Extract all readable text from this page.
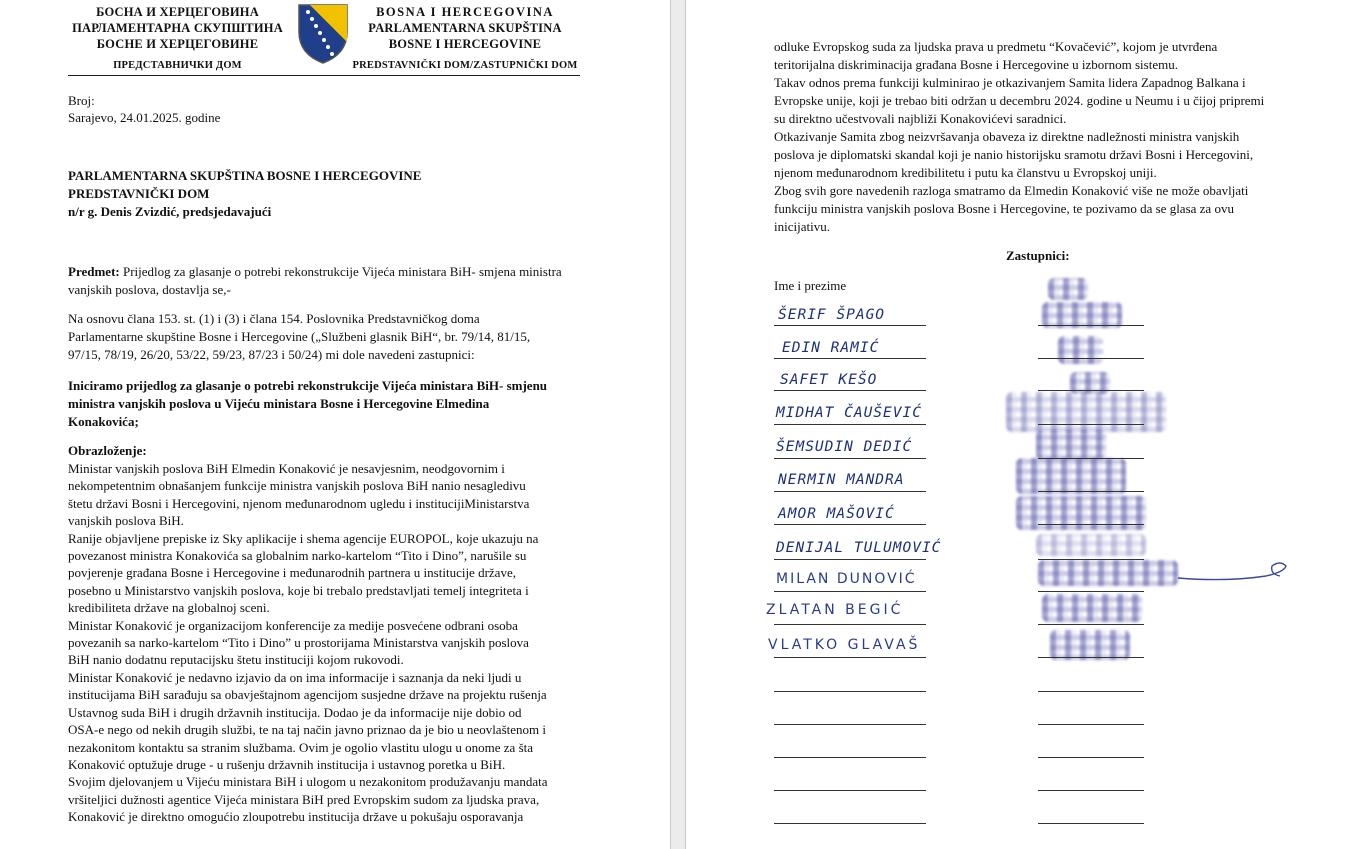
БОСНА И ХЕРЦЕГОВИНА
ПАРЛАМЕНТАРНА СКУПШТИНА
БОСНЕ И ХЕРЦЕГОВИНЕ
ПРЕДСТАВНИЧКИ ДОМ
BOSNA I HERCEGOVINA
PARLAMENTARNA SKUPŠTINA
BOSNE I HERCEGOVINE
PREDSTAVNIČKI DOM/ZASTUPNIČKI DOM
Broj:
Sarajevo, 24.01.2025. godine
PARLAMENTARNA SKUPŠTINA BOSNE I HERCEGOVINE
PREDSTAVNIČKI DOM
n/r g. Denis Zvizdić, predsjedavajući
Predmet: Prijedlog za glasanje o potrebi rekonstrukcije Vijeća ministara BiH- smjena ministra
vanjskih poslova, dostavlja se,-
Na osnovu člana 153. st. (1) i (3) i člana 154. Poslovnika Predstavničkog doma
Parlamentarne skupštine Bosne i Hercegovine („Službeni glasnik BiH“, br. 79/14, 81/15,
97/15, 78/19, 26/20, 53/22, 59/23, 87/23 i 50/24) mi dole navedeni zastupnici:
Iniciramo prijedlog za glasanje o potrebi rekonstrukcije Vijeća ministara BiH- smjenu
ministra vanjskih poslova u Vijeću ministara Bosne i Hercegovine Elmedina
Konakovića;
Obrazloženje:
Ministar vanjskih poslova BiH Elmedin Konaković je nesavjesnim, neodgovornim i
nekompetentnim obnašanjem funkcije ministra vanjskih poslova BiH nanio nesagledivu
štetu državi Bosni i Hercegovini, njenom međunarodnom ugledu i institucijiMinistarstva
vanjskih poslova BiH.
Ranije objavljene prepiske iz Sky aplikacije i shema agencije EUROPOL, koje ukazuju na
povezanost ministra Konakovića sa globalnim narko-kartelom “Tito i Dino”, narušile su
povjerenje građana Bosne i Hercegovine i međunarodnih partnera u institucije države,
posebno u Ministarstvo vanjskih poslova, koje bi trebalo predstavljati temelj integriteta i
kredibiliteta države na globalnoj sceni.
Ministar Konaković je organizacijom konferencije za medije posvećene odbrani osoba
povezanih sa narko-kartelom “Tito i Dino” u prostorijama Ministarstva vanjskih poslova
BiH nanio dodatnu reputacijsku štetu instituciji kojom rukovodi.
Ministar Konaković je nedavno izjavio da on ima informacije i saznanja da neki ljudi u
institucijama BiH sarađuju sa obavještajnom agencijom susjedne države na projektu rušenja
Ustavnog suda BiH i drugih državnih institucija. Dodao je da informacije nije dobio od
OSA-e nego od nekih drugih službi, te na taj način javno priznao da je bio u neovlaštenom i
nezakonitom kontaktu sa stranim službama. Ovim je ogolio vlastitu ulogu u onome za šta
Konaković optužuje druge - u rušenju državnih institucija i ustavnog poretka u BiH.
Svojim djelovanjem u Vijeću ministara BiH i ulogom u nezakonitom produžavanju mandata
vršiteljici dužnosti agentice Vijeća ministara BiH pred Evropskim sudom za ljudska prava,
Konaković je direktno omogućio zloupotrebu institucija države u pokušaju osporavanja
odluke Evropskog suda za ljudska prava u predmetu “Kovačević”, kojom je utvrđena
teritorijalna diskriminacija građana Bosne i Hercegovine u izbornom sistemu.
Takav odnos prema funkciji kulminirao je otkazivanjem Samita lidera Zapadnog Balkana i
Evropske unije, koji je trebao biti održan u decembru 2024. godine u Neumu i u čijoj pripremi
su direktno učestvovali najbliži Konakovićevi saradnici.
Otkazivanje Samita zbog neizvršavanja obaveza iz direktne nadležnosti ministra vanjskih
poslova je diplomatski skandal koji je nanio historijsku sramotu državi Bosni i Hercegovini,
njenom međunarodnom kredibilitetu i putu ka članstvu u Evropskoj uniji.
Zbog svih gore navedenih razloga smatramo da Elmedin Konaković više ne može obavljati
funkciju ministra vanjskih poslova Bosne i Hercegovine, te pozivamo da se glasa za ovu
inicijativu.
Zastupnici:
Ime i prezime
ŠERIF ŠPAGO
EDIN RAMIĆ
SAFET KEŠO
MIDHAT ČAUŠEVIĆ
ŠEMSUDIN DEDIĆ
NERMIN MANDRA
AMOR MAŠOVIĆ
DENIJAL TULUMOVIĆ
MILAN DUNOVIĆ
ZLATAN BEGIĆ
VLATKO GLAVAŠ
